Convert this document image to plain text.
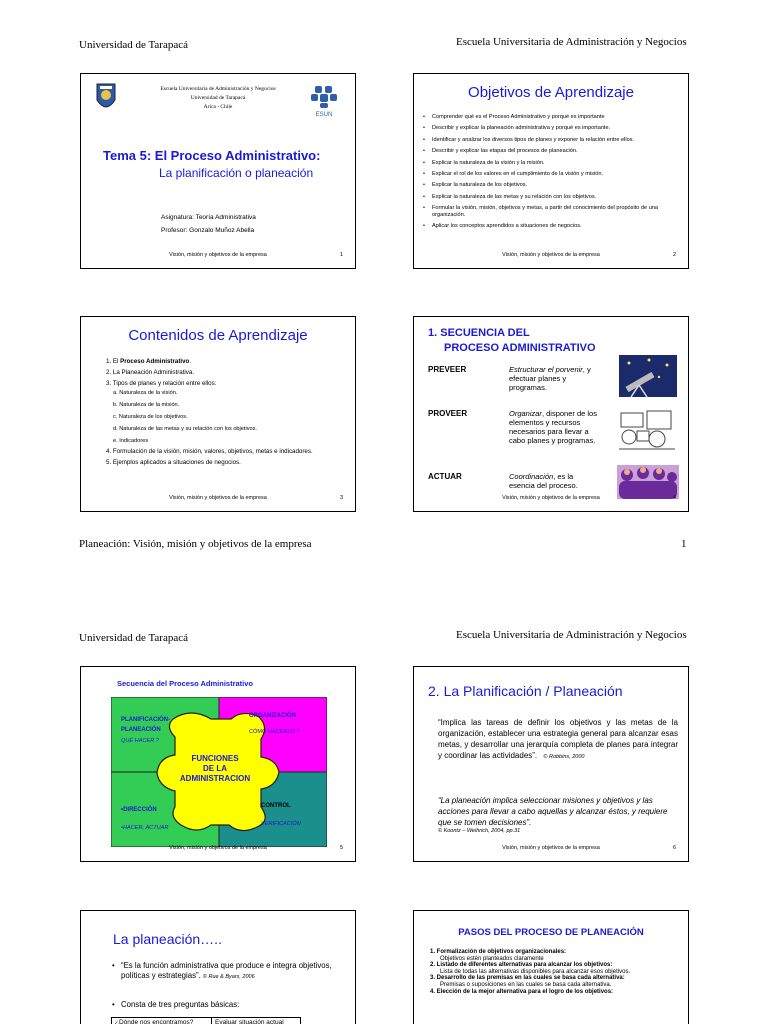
Universidad de Tarapacá	Escuela Universitaria de Administración y Negocios
Escuela Universitaria de Administración y Negocios
Universidad de Tarapacá
Arica - Chile
ESUN
Tema 5: El Proceso Administrativo:
La planificación o planeación
Asignatura: Teoría Administrativa
Profesor: Gonzalo Muñoz Abella
Visión, misión y objetivos de la empresa	1
Objetivos de Aprendizaje
• Comprender qué es el Proceso Administrativo y porqué es importante
• Describir y explicar la planeación administrativa y porqué es importante.
• Identificar y analizar los diversos tipos de planes y exponer la relación entre ellos.
• Describir y explicar las etapas del procesos de planeación.
• Explicar la naturaleza de la visión y la misión.
• Explicar el rol de los valores en el cumplimiento de la visión y misión.
• Explicar la naturaleza de los objetivos.
• Explicar la naturaleza de las metas y su relación con los objetivos.
• Formular la visión, misión, objetivos y metas, a partir del conocimiento del propósito de una organización.
• Aplicar los conceptos aprendidos a situaciones de negocios.
Visión, misión y objetivos de la empresa	2
Contenidos de Aprendizaje
1. El Proceso Administrativo.
2. La Planeación Administrativa.
3. Tipos de planes y relación entre ellos:
a. Naturaleza de la visión.
b. Naturaleza de la misión.
c. Naturaleza de los objetivos.
d. Naturaleza de las metas y su relación con los objetivos.
e. Indicadores
4. Formulación de la visión, misión, valores, objetivos, metas e indicadores.
5. Ejemplos aplicados a situaciones de negocios.
Visión, misión y objetivos de la empresa	3
1. SECUENCIA DEL
PROCESO ADMINISTRATIVO
PREVEER	Estructurar el porvenir, y efectuar planes y programas.
PROVEER	Organizar, disponer de los elementos y recursos necesarios para llevar a cabo planes y programas.
ACTUAR	Coordinación, es la esencia del proceso.
Visión, misión y objetivos de la empresa	4
Planeación: Visión, misión y objetivos de la empresa	1
Universidad de Tarapacá	Escuela Universitaria de Administración y Negocios
Secuencia del Proceso Administrativo
PLANIFICACIÓN-
PLANEACIÓN
QUÉ HACER ?
ORGANIZACIÓN
CÓMO HACERLO ?
•DIRECCIÓN
•HACER, ACTUAR
CONTROL
VERIFICACIÓN
FUNCIONES
DE LA
ADMINISTRACION
Visión, misión y objetivos de la empresa	5
2. La Planificación / Planeación
“Implica las tareas de definir los objetivos y las metas de la organización, establecer una estrategia general para alcanzar esas metas, y desarrollar una jerarquía completa de planes para integrar y coordinar las actividades”. © Robbins, 2000
“La planeación implica seleccionar misiones y objetivos y las acciones para llevar a cabo aquellas y alcanzar éstos, y requiere que se tomen decisiones”.
© Koontz – Weihrich, 2004, pp.31
Visión, misión y objetivos de la empresa	6
La planeación…..
• “Es la función administrativa que produce e integra objetivos, políticas y estrategias”. © Rue & Byars, 2006
• Consta de tres preguntas básicas:
¿Dónde nos encontramos?	Evaluar situación actual
PASOS DEL PROCESO DE PLANEACIÓN
1. Formalización de objetivos organizacionales:
Objetivos estén planteados claramente
2. Listado de diferentes alternativas para alcanzar los objetivos:
Lista de todas las alternativas disponibles para alcanzar esos objetivos.
3. Desarrollo de las premisas en las cuales se basa cada alternativa:
Premisas o suposiciones en las cuales se basa cada alternativa.
4. Elección de la mejor alternativa para el logro de los objetivos:
